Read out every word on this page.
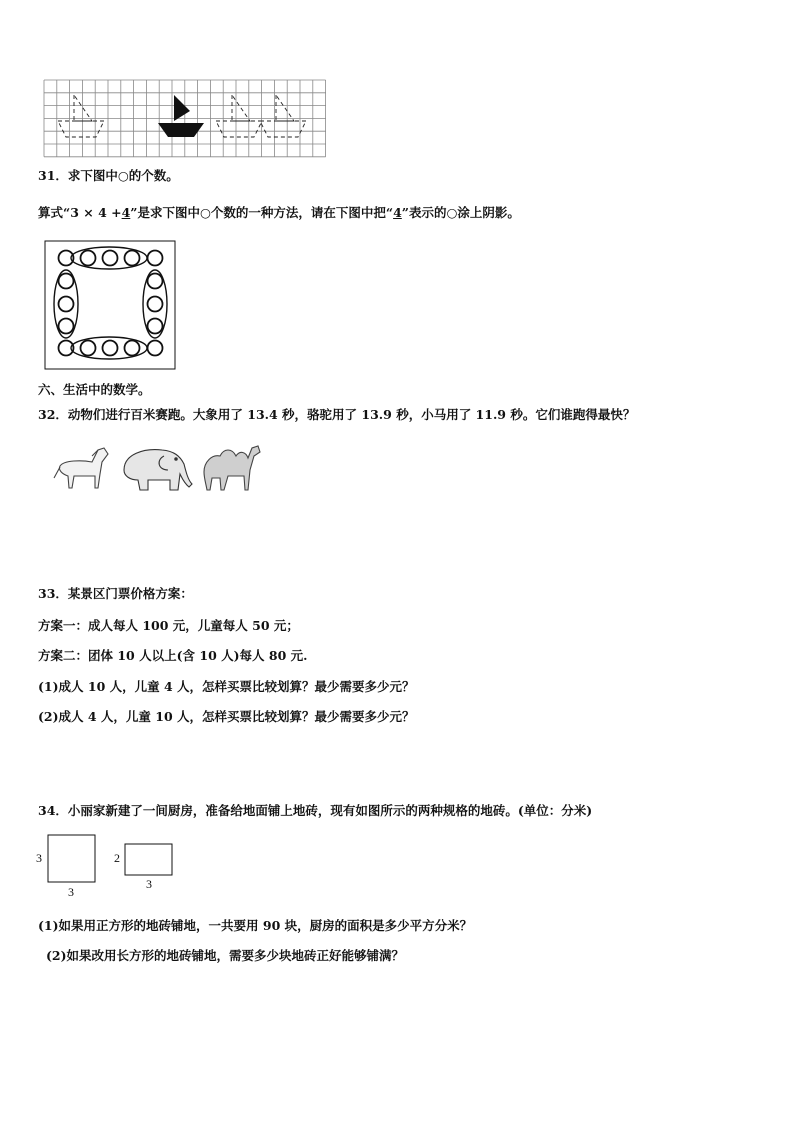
31．求下图中○的个数。
算式“3 × 4 +4”是求下图中○个数的一种方法，请在下图中把“4”表示的○涂上阴影。
六、生活中的数学。
32．动物们进行百米赛跑。大象用了 13.4 秒，骆驼用了 13.9 秒，小马用了 11.9 秒。它们谁跑得最快？
33．某景区门票价格方案：
方案一：成人每人 100 元，儿童每人 50 元；
方案二：团体 10 人以上(含 10 人)每人 80 元.
(1)成人 10 人，儿童 4 人，怎样买票比较划算？最少需要多少元？
(2)成人 4 人，儿童 10 人，怎样买票比较划算？最少需要多少元？
34．小丽家新建了一间厨房，准备给地面铺上地砖，现有如图所示的两种规格的地砖。(单位：分米)
3
3
2
3
(1)如果用正方形的地砖铺地，一共要用 90 块，厨房的面积是多少平方分米？
(2)如果改用长方形的地砖铺地，需要多少块地砖正好能够铺满？
